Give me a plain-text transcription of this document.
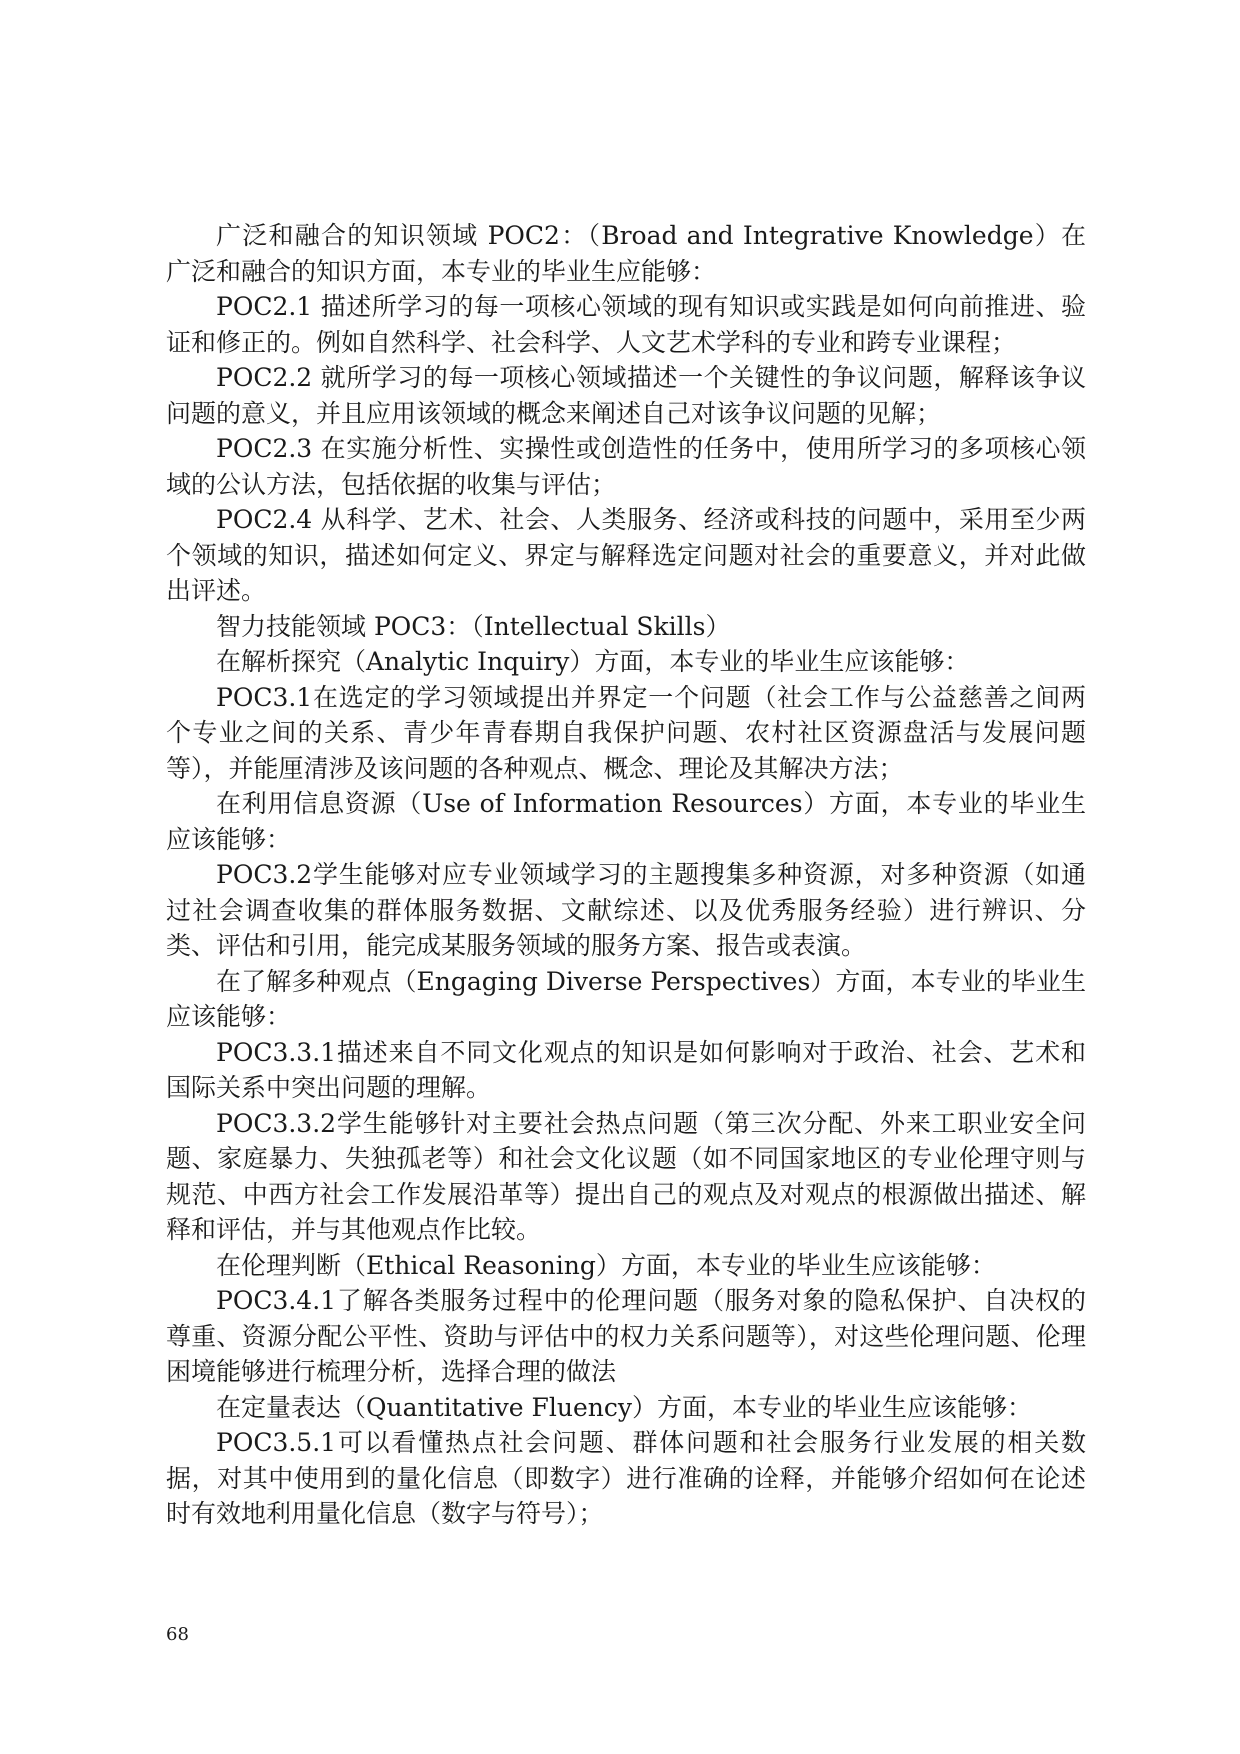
广泛和融合的知识领域 POC2：（Broad and Integrative Knowledge）在广泛和融合的知识方面，本专业的毕业生应能够：

POC2.1 描述所学习的每一项核心领域的现有知识或实践是如何向前推进、验证和修正的。例如自然科学、社会科学、人文艺术学科的专业和跨专业课程；

POC2.2 就所学习的每一项核心领域描述一个关键性的争议问题，解释该争议问题的意义，并且应用该领域的概念来阐述自己对该争议问题的见解；

POC2.3 在实施分析性、实操性或创造性的任务中，使用所学习的多项核心领域的公认方法，包括依据的收集与评估；

POC2.4 从科学、艺术、社会、人类服务、经济或科技的问题中，采用至少两个领域的知识，描述如何定义、界定与解释选定问题对社会的重要意义，并对此做出评述。

智力技能领域 POC3：（Intellectual Skills）

在解析探究（Analytic Inquiry）方面，本专业的毕业生应该能够：

POC3.1在选定的学习领域提出并界定一个问题（社会工作与公益慈善之间两个专业之间的关系、青少年青春期自我保护问题、农村社区资源盘活与发展问题等），并能厘清涉及该问题的各种观点、概念、理论及其解决方法；

在利用信息资源（Use of Information Resources）方面，本专业的毕业生应该能够：

POC3.2学生能够对应专业领域学习的主题搜集多种资源，对多种资源（如通过社会调查收集的群体服务数据、文献综述、以及优秀服务经验）进行辨识、分类、评估和引用，能完成某服务领域的服务方案、报告或表演。

在了解多种观点（Engaging Diverse Perspectives）方面，本专业的毕业生应该能够：

POC3.3.1描述来自不同文化观点的知识是如何影响对于政治、社会、艺术和国际关系中突出问题的理解。

POC3.3.2学生能够针对主要社会热点问题（第三次分配、外来工职业安全问题、家庭暴力、失独孤老等）和社会文化议题（如不同国家地区的专业伦理守则与规范、中西方社会工作发展沿革等）提出自己的观点及对观点的根源做出描述、解释和评估，并与其他观点作比较。

在伦理判断（Ethical Reasoning）方面，本专业的毕业生应该能够：

POC3.4.1了解各类服务过程中的伦理问题（服务对象的隐私保护、自决权的尊重、资源分配公平性、资助与评估中的权力关系问题等），对这些伦理问题、伦理困境能够进行梳理分析，选择合理的做法

在定量表达（Quantitative Fluency）方面，本专业的毕业生应该能够：

POC3.5.1可以看懂热点社会问题、群体问题和社会服务行业发展的相关数据，对其中使用到的量化信息（即数字）进行准确的诠释，并能够介绍如何在论述时有效地利用量化信息（数字与符号）；

68
